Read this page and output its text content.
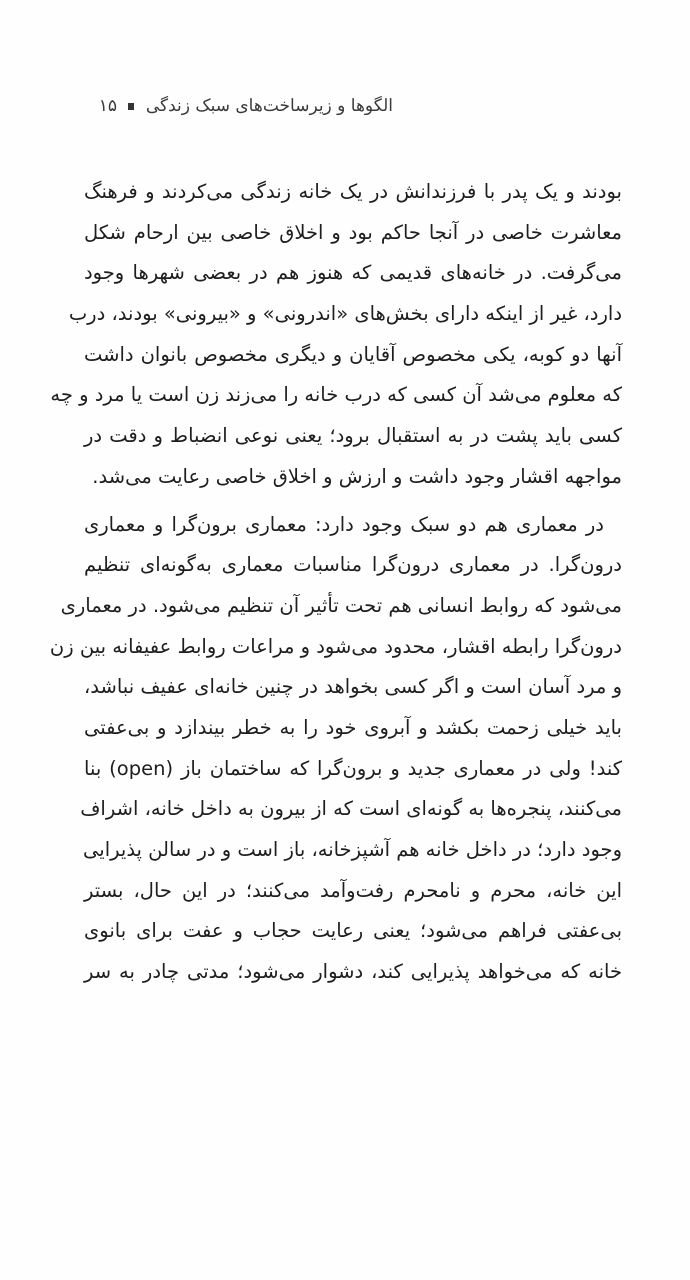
الگوها و زیرساخت‌های سبک زندگی  ۱۵
بودند و یک پدر با فرزندانش در یک خانه زندگی می‌کردند و فرهنگ
معاشرت خاصی در آنجا حاکم بود و اخلاق خاصی بین ارحام شکل
می‌گرفت. در خانه‌های قدیمی که هنوز هم در بعضی شهرها وجود
دارد، غیر از اینکه دارای بخش‌های «اندرونی» و «بیرونی» بودند، درب
آنها دو کوبه، یکی مخصوص آقایان و دیگری مخصوص بانوان داشت
که معلوم می‌شد آن کسی که درب خانه را می‌زند زن است یا مرد و چه
کسی باید پشت در به استقبال برود؛ یعنی نوعی انضباط و دقت در
مواجهه اقشار وجود داشت و ارزش و اخلاق خاصی رعایت می‌شد.
در معماری هم دو سبک وجود دارد: معماری برون‌گرا و معماری
درون‌گرا. در معماری درون‌گرا مناسبات معماری به‌گونه‌ای تنظیم
می‌شود که روابط انسانی هم تحت تأثیر آن تنظیم می‌شود. در معماری
درون‌گرا رابطه اقشار، محدود می‌شود و مراعات روابط عفیفانه بین زن
و مرد آسان است و اگر کسی بخواهد در چنین خانه‌ای عفیف نباشد،
باید خیلی زحمت بکشد و آبروی خود را به خطر بیندازد و بی‌عفتی
کند! ولی در معماری جدید و برون‌گرا که ساختمان باز (open) بنا
می‌کنند، پنجره‌ها به گونه‌ای است که از بیرون به داخل خانه، اشراف
وجود دارد؛ در داخل خانه هم آشپزخانه، باز است و در سالن پذیرایی
این خانه، محرم و نامحرم رفت‌وآمد می‌کنند؛ در این حال، بستر
بی‌عفتی فراهم می‌شود؛ یعنی رعایت حجاب و عفت برای بانوی
خانه که می‌خواهد پذیرایی کند، دشوار می‌شود؛ مدتی چادر به سر
